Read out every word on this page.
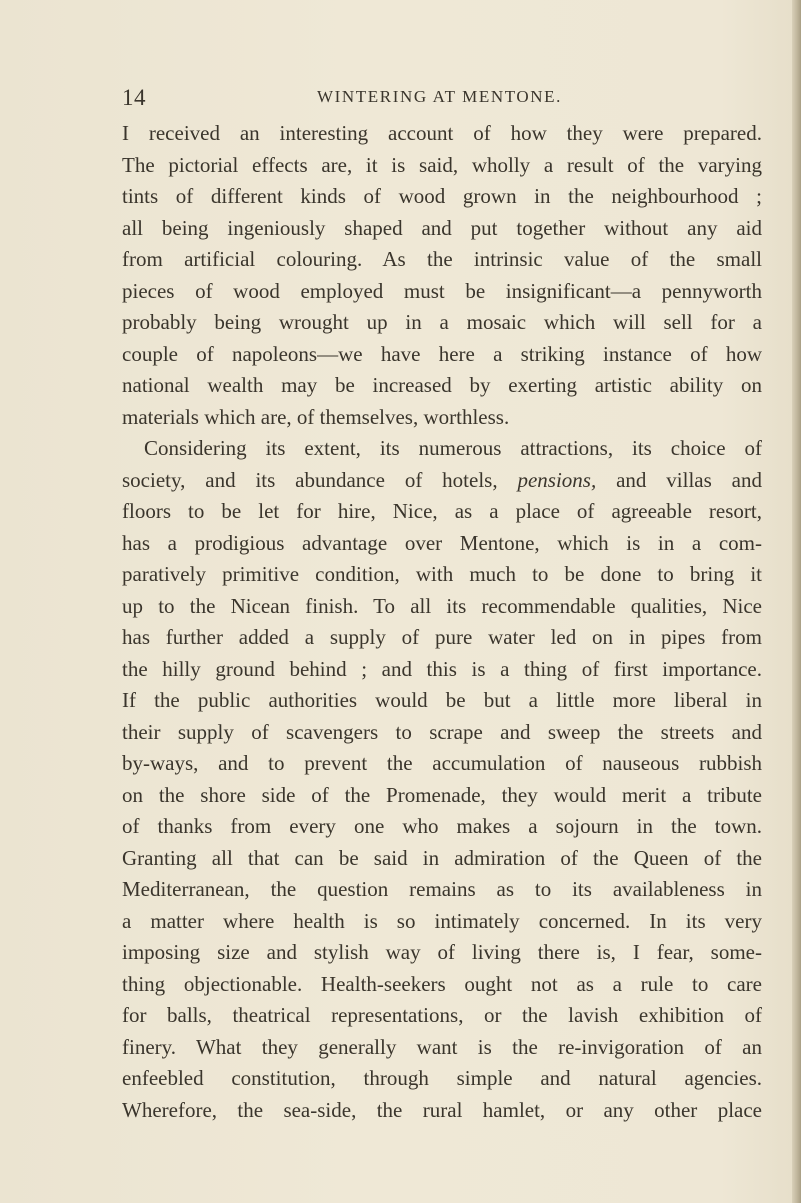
14	WINTERING AT MENTONE.
I received an interesting account of how they were prepared.
The pictorial effects are, it is said, wholly a result of the varying
tints of different kinds of wood grown in the neighbourhood ;
all being ingeniously shaped and put together without any aid
from artificial colouring. As the intrinsic value of the small
pieces of wood employed must be insignificant—a pennyworth
probably being wrought up in a mosaic which will sell for a
couple of napoleons—we have here a striking instance of how
national wealth may be increased by exerting artistic ability on
materials which are, of themselves, worthless.
Considering its extent, its numerous attractions, its choice of
society, and its abundance of hotels, pensions, and villas and
floors to be let for hire, Nice, as a place of agreeable resort,
has a prodigious advantage over Mentone, which is in a com-
paratively primitive condition, with much to be done to bring it
up to the Nicean finish. To all its recommendable qualities, Nice
has further added a supply of pure water led on in pipes from
the hilly ground behind ; and this is a thing of first importance.
If the public authorities would be but a little more liberal in
their supply of scavengers to scrape and sweep the streets and
by-ways, and to prevent the accumulation of nauseous rubbish
on the shore side of the Promenade, they would merit a tribute
of thanks from every one who makes a sojourn in the town.
Granting all that can be said in admiration of the Queen of the
Mediterranean, the question remains as to its availableness in
a matter where health is so intimately concerned. In its very
imposing size and stylish way of living there is, I fear, some-
thing objectionable. Health-seekers ought not as a rule to care
for balls, theatrical representations, or the lavish exhibition of
finery. What they generally want is the re-invigoration of an
enfeebled constitution, through simple and natural agencies.
Wherefore, the sea-side, the rural hamlet, or any other place
